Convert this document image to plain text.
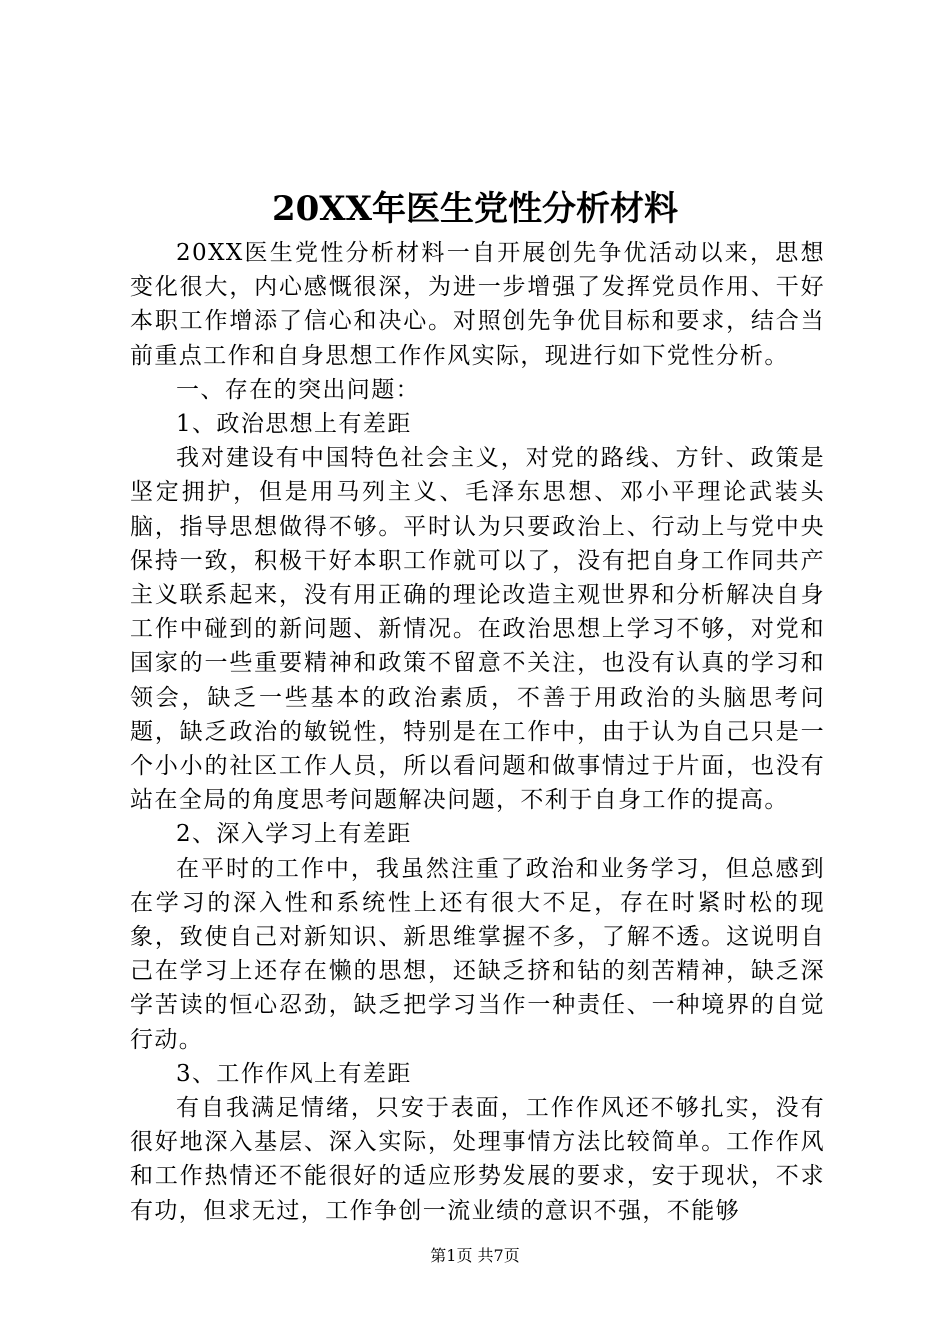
20XX年医生党性分析材料

20XX医生党性分析材料一自开展创先争优活动以来，思想变化很大，内心感慨很深，为进一步增强了发挥党员作用、干好本职工作增添了信心和决心。对照创先争优目标和要求，结合当前重点工作和自身思想工作作风实际，现进行如下党性分析。

一、存在的突出问题：

1、政治思想上有差距

我对建设有中国特色社会主义，对党的路线、方针、政策是坚定拥护，但是用马列主义、毛泽东思想、邓小平理论武装头脑，指导思想做得不够。平时认为只要政治上、行动上与党中央保持一致，积极干好本职工作就可以了，没有把自身工作同共产主义联系起来，没有用正确的理论改造主观世界和分析解决自身工作中碰到的新问题、新情况。在政治思想上学习不够，对党和国家的一些重要精神和政策不留意不关注，也没有认真的学习和领会，缺乏一些基本的政治素质，不善于用政治的头脑思考问题，缺乏政治的敏锐性，特别是在工作中，由于认为自己只是一个小小的社区工作人员，所以看问题和做事情过于片面，也没有站在全局的角度思考问题解决问题，不利于自身工作的提高。

2、深入学习上有差距

在平时的工作中，我虽然注重了政治和业务学习，但总感到在学习的深入性和系统性上还有很大不足，存在时紧时松的现象，致使自己对新知识、新思维掌握不多，了解不透。这说明自己在学习上还存在懒的思想，还缺乏挤和钻的刻苦精神，缺乏深学苦读的恒心忍劲，缺乏把学习当作一种责任、一种境界的自觉行动。

3、工作作风上有差距

有自我满足情绪，只安于表面，工作作风还不够扎实，没有很好地深入基层、深入实际，处理事情方法比较简单。工作作风和工作热情还不能很好的适应形势发展的要求，安于现状，不求有功，但求无过，工作争创一流业绩的意识不强，不能够

第1页 共7页
